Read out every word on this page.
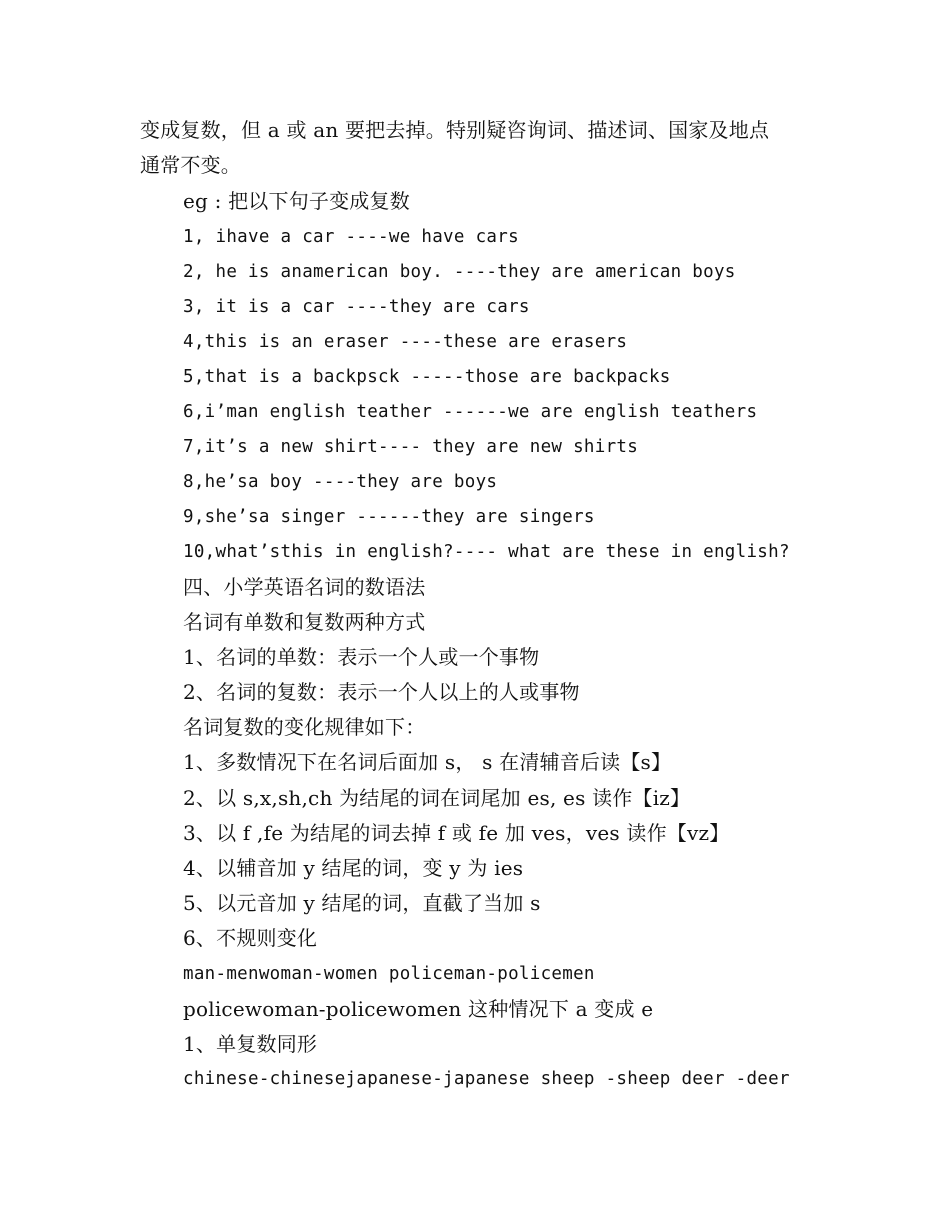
变成复数，但 a 或 an 要把去掉。特别疑咨询词、描述词、国家及地点
通常不变。
eg : 把以下句子变成复数
1, ihave a car ----we have cars
2, he is anamerican boy. ----they are american boys
3, it is a car ----they are cars
4,this is an eraser ----these are erasers
5,that is a backpsck -----those are backpacks
6,i’man english teather ------we are english teathers
7,it’s a new shirt---- they are new shirts
8,he’sa boy ----they are boys
9,she’sa singer ------they are singers
10,what’sthis in english?---- what are these in english?
四、小学英语名词的数语法
名词有单数和复数两种方式
1、名词的单数：表示一个人或一个事物
2、名词的复数：表示一个人以上的人或事物
名词复数的变化规律如下：
1、多数情况下在名词后面加 s， s 在清辅音后读【s】
2、以 s,x,sh,ch 为结尾的词在词尾加 es, es 读作【iz】
3、以 f ,fe 为结尾的词去掉 f 或 fe 加 ves，ves 读作【vz】
4、以辅音加 y 结尾的词，变 y 为 ies
5、以元音加 y 结尾的词，直截了当加 s
6、不规则变化
man-menwoman-women policeman-policemen
policewoman-policewomen 这种情况下 a 变成 e
1、单复数同形
chinese-chinesejapanese-japanese sheep -sheep deer -deer
